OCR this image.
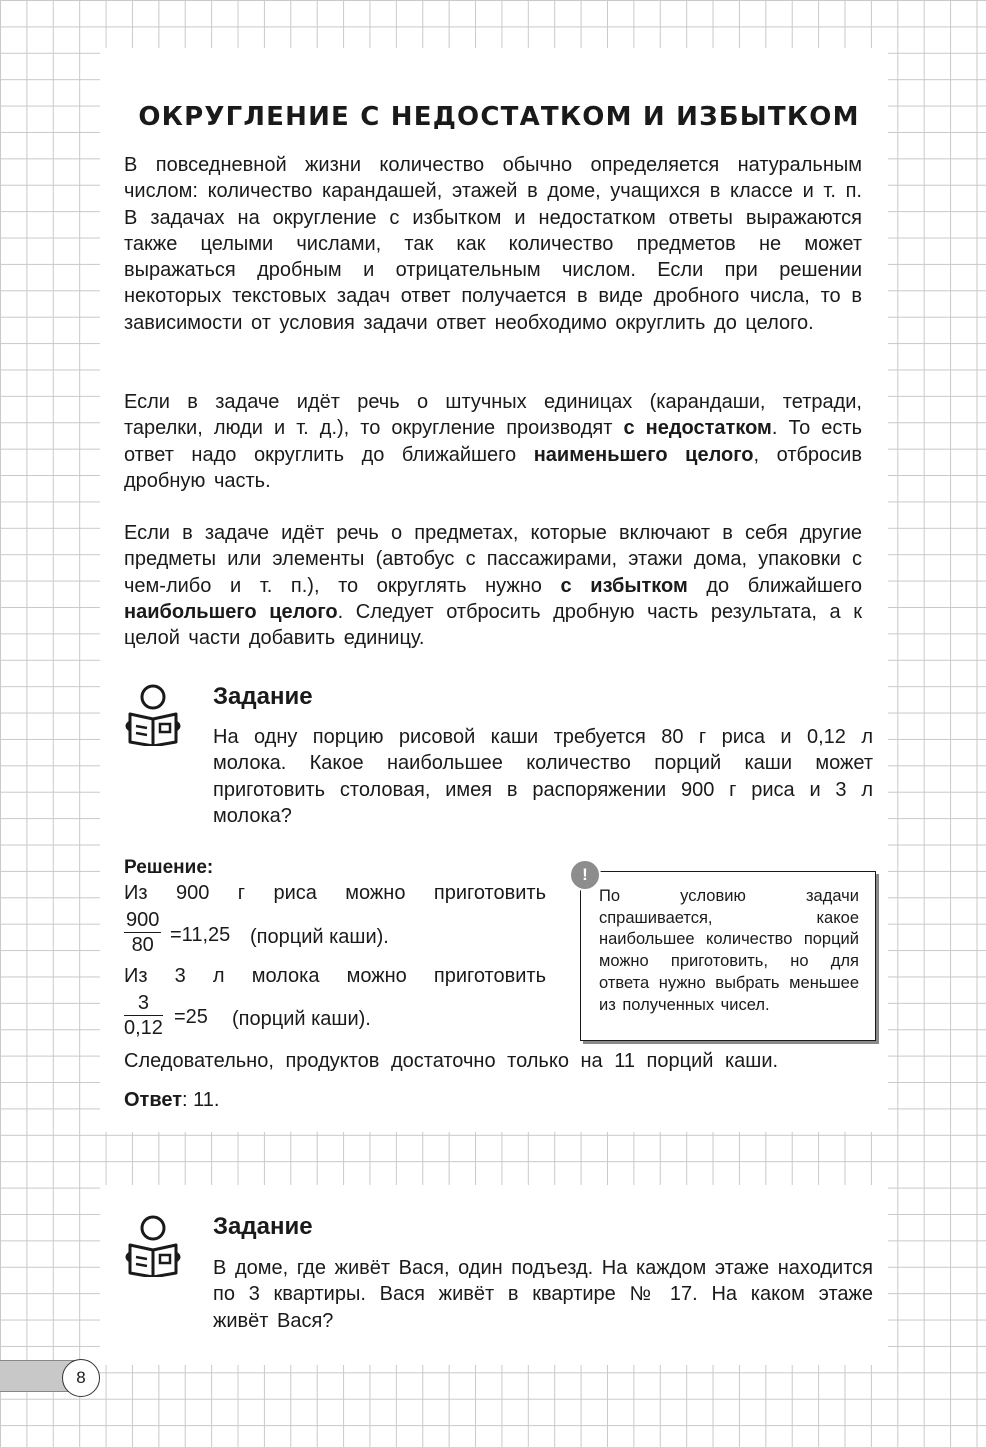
ОКРУГЛЕНИЕ С НЕДОСТАТКОМ И ИЗБЫТКОМ

В повседневной жизни количество обычно определяется натуральным числом: количество карандашей, этажей в доме, учащихся в классе и т. п. В задачах на округление с избытком и недостатком ответы выражаются также целыми числами, так как количество предметов не может выражаться дробным и отрицательным числом. Если при решении некоторых текстовых задач ответ получается в виде дробного числа, то в зависимости от условия задачи ответ необходимо округлить до целого.

Если в задаче идёт речь о штучных единицах (карандаши, тетради, тарелки, люди и т. д.), то округление производят с недостатком. То есть ответ надо округлить до ближайшего наименьшего целого, отбросив дробную часть.

Если в задаче идёт речь о предметах, которые включают в себя другие предметы или элементы (автобус с пассажирами, этажи дома, упаковки с чем-либо и т. п.), то округлять нужно с избытком до ближайшего наибольшего целого. Следует отбросить дробную часть результата, а к целой части добавить единицу.

Задание

На одну порцию рисовой каши требуется 80 г риса и 0,12 л молока. Какое наибольшее количество порций каши может приготовить столовая, имея в распоряжении 900 г риса и 3 л молока?

Решение:

Из 900 г риса можно приготовить

$\frac{900}{80} =11,25$ (порций каши).

Из 3 л молока можно приготовить

$\frac{3}{0,12} =25$ (порций каши).

Следовательно, продуктов достаточно только на 11 порций каши.

Ответ: 11.

По условию задачи спрашивается, какое наибольшее количество порций можно приготовить, но для ответа нужно выбрать меньшее из полученных чисел.

!
Задание

В доме, где живёт Вася, один подъезд. На каждом этаже находится по 3 квартиры. Вася живёт в квартире № 17. На каком этаже живёт Вася?

8
